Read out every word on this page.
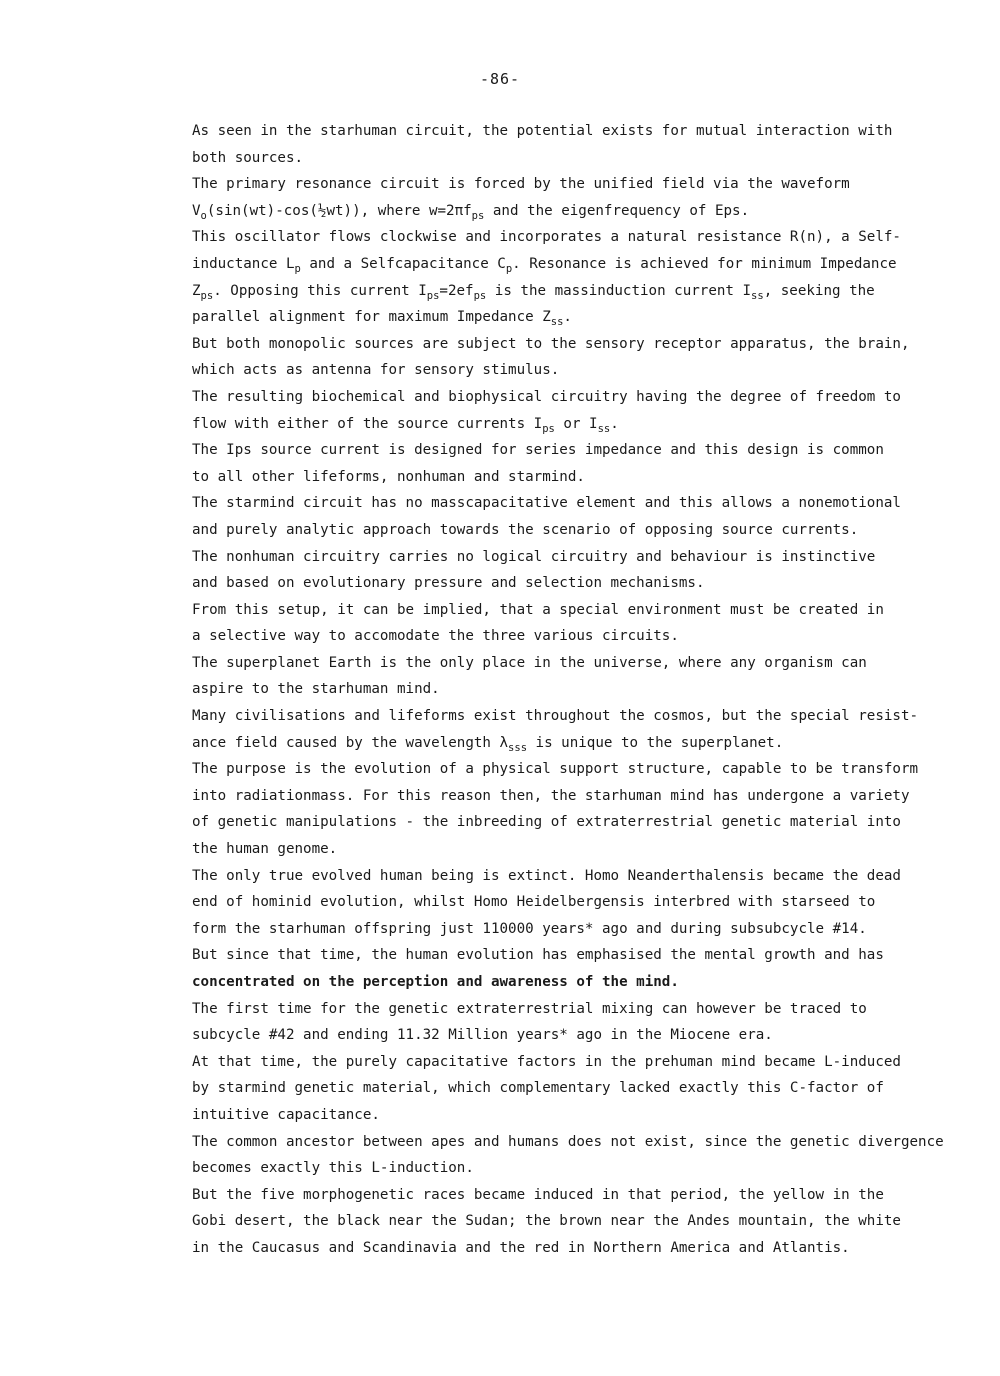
-86-

As seen in the starhuman circuit, the potential exists for mutual interaction with
both sources.

The primary resonance circuit is forced by the unified field via the waveform
$V_o(\sin(wt)-\cos(\frac{1}{2}wt))$, where $w=2\pi f_{ps}$ and the eigenfrequency of Eps.

This oscillator flows clockwise and incorporates a natural resistance R(n), a Self-
inductance $L_p$ and a Selfcapacitance $C_p$. Resonance is achieved for minimum Impedance
$Z_{ps}$. Opposing this current $I_{ps}=2ef_{ps}$ is the massinduction current $I_{ss}$, seeking the
parallel alignment for maximum Impedance $Z_{ss}$.

But both monopolic sources are subject to the sensory receptor apparatus, the brain,
which acts as antenna for sensory stimulus.

The resulting biochemical and biophysical circuitry having the degree of freedom to
flow with either of the source currents $I_{ps}$ or $I_{ss}$.

The Ips source current is designed for series impedance and this design is common
to all other lifeforms, nonhuman and starmind.

The starmind circuit has no masscapacitative element and this allows a nonemotional
and purely analytic approach towards the scenario of opposing source currents.

The nonhuman circuitry carries no logical circuitry and behaviour is instinctive
and based on evolutionary pressure and selection mechanisms.

From this setup, it can be implied, that a special environment must be created in
a selective way to accomodate the three various circuits.

The superplanet Earth is the only place in the universe, where any organism can
aspire to the starhuman mind.

Many civilisations and lifeforms exist throughout the cosmos, but the special resist-
ance field caused by the wavelength $\lambda_{sss}$ is unique to the superplanet.

The purpose is the evolution of a physical support structure, capable to be transform
into radiationmass. For this reason then, the starhuman mind has undergone a variety
of genetic manipulations - the inbreeding of extraterrestrial genetic material into
the human genome.

The only true evolved human being is extinct. Homo Neanderthalensis became the dead
end of hominid evolution, whilst Homo Heidelbergensis interbred with starseed to
form the starhuman offspring just 110000 years* ago and during subsubcycle #14.
But since that time, the human evolution has emphasised the mental growth and has
concentrated on the perception and awareness of the mind.

The first time for the genetic extraterrestrial mixing can however be traced to
subcycle #42 and ending 11.32 Million years* ago in the Miocene era.

At that time, the purely capacitative factors in the prehuman mind became L-induced
by starmind genetic material, which complementary lacked exactly this C-factor of
intuitive capacitance.

The common ancestor between apes and humans does not exist, since the genetic divergence
becomes exactly this L-induction.

But the five morphogenetic races became induced in that period, the yellow in the
Gobi desert, the black near the Sudan; the brown near the Andes mountain, the white
in the Caucasus and Scandinavia and the red in Northern America and Atlantis.
